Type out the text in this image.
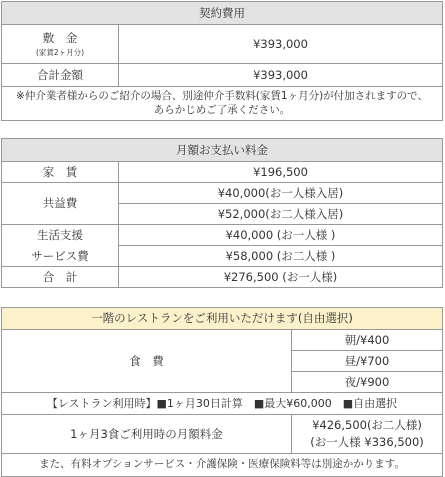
契約費用	
敷　金
(家賃2ヶ月分)	¥393,000
合計金額	¥393,000
※仲介業者様からのご紹介の場合、別途仲介手数料(家賃1ヶ月分)が付加されますので、
あらかじめご了承ください。	
月額お支払い料金	
家　賃	¥196,500
共益費	¥40,000(お一人様入居)
	¥52,000(お二人様入居)
生活支援
サービス費	¥40,000 (お一人様 )
	¥58,000 (お二人様 )
合　計	¥276,500 (お一人様)
一階のレストランをご利用いただけます(自由選択)	
食　費	朝/¥400
	昼/¥700
	夜/¥900
【レストラン利用時】■1ヶ月30日計算　■最大¥60,000　■自由選択	
1ヶ月3食ご利用時の月額料金	¥426,500(お二人様)
(お一人様 ¥336,500)
また、有料オプションサービス・介護保険・医療保険料等は別途かかります。	
